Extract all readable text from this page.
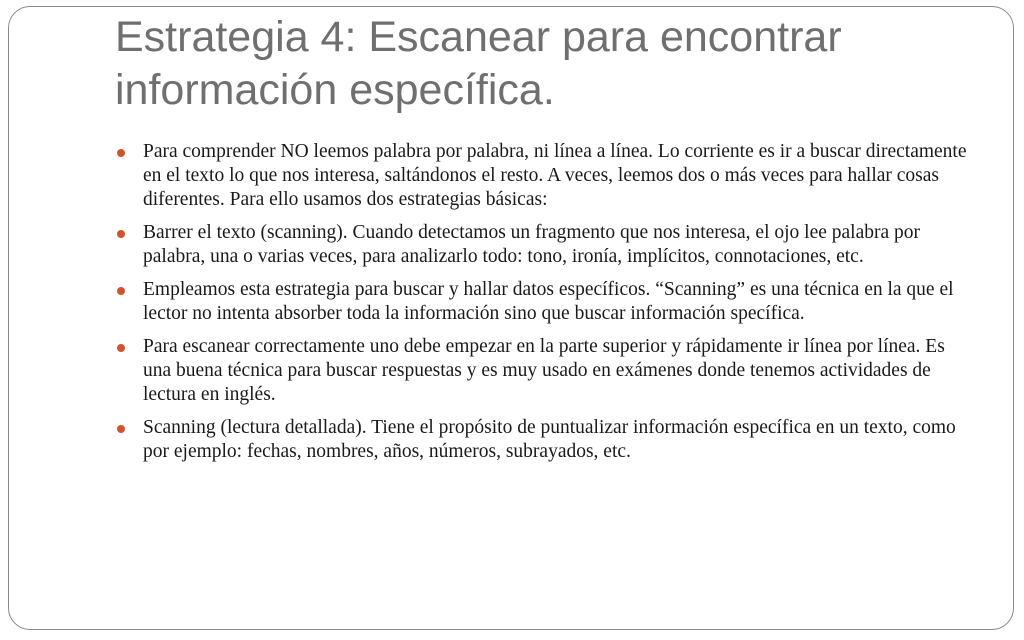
Estrategia 4: Escanear para encontrar información específica.
Para comprender NO leemos palabra por palabra, ni línea a línea. Lo corriente es ir a buscar directamente en el texto lo que nos interesa, saltándonos el resto. A veces, leemos dos o más veces para hallar cosas diferentes. Para ello usamos dos estrategias básicas:
Barrer el texto (scanning). Cuando detectamos un fragmento que nos interesa, el ojo lee palabra por palabra, una o varias veces, para analizarlo todo: tono, ironía, implícitos, connotaciones, etc.
Empleamos esta estrategia para buscar y hallar datos específicos. “Scanning” es una técnica en la que el lector no intenta absorber toda la información sino que buscar información specífica.
Para escanear correctamente uno debe empezar en la parte superior y rápidamente ir línea por línea. Es una buena técnica para buscar respuestas y es muy usado en exámenes donde tenemos actividades de lectura en inglés.
Scanning (lectura detallada). Tiene el propósito de puntualizar información específica en un texto, como por ejemplo: fechas, nombres, años, números, subrayados, etc.
